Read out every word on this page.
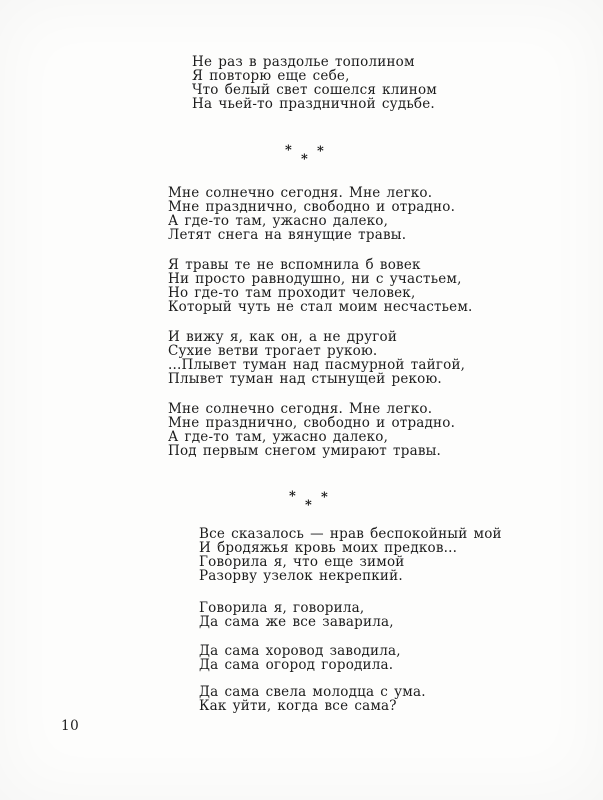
Не раз в раздолье тополином
Я повторю еще себе,
Что белый свет сошелся клином
На чьей-то праздничной судьбе.
*
*
*
Мне солнечно сегодня. Мне легко.
Мне празднично, свободно и отрадно.
А где-то там, ужасно далеко,
Летят снега на вянущие травы.
Я травы те не вспомнила б вовек
Ни просто равнодушно, ни с участьем,
Но где-то там проходит человек,
Который чуть не стал моим несчастьем.
И вижу я, как он, а не другой
Сухие ветви трогает рукою.
...Плывет туман над пасмурной тайгой,
Плывет туман над стынущей рекою.
Мне солнечно сегодня. Мне легко.
Мне празднично, свободно и отрадно.
А где-то там, ужасно далеко,
Под первым снегом умирают травы.
*
*
*
Все сказалось — нрав беспокойный мой
И бродяжья кровь моих предков...
Говорила я, что еще зимой
Разорву узелок некрепкий.
Говорила я, говорила,
Да сама же все заварила,
Да сама хоровод заводила,
Да сама огород городила.
Да сама свела молодца с ума.
Как уйти, когда все сама?
10
